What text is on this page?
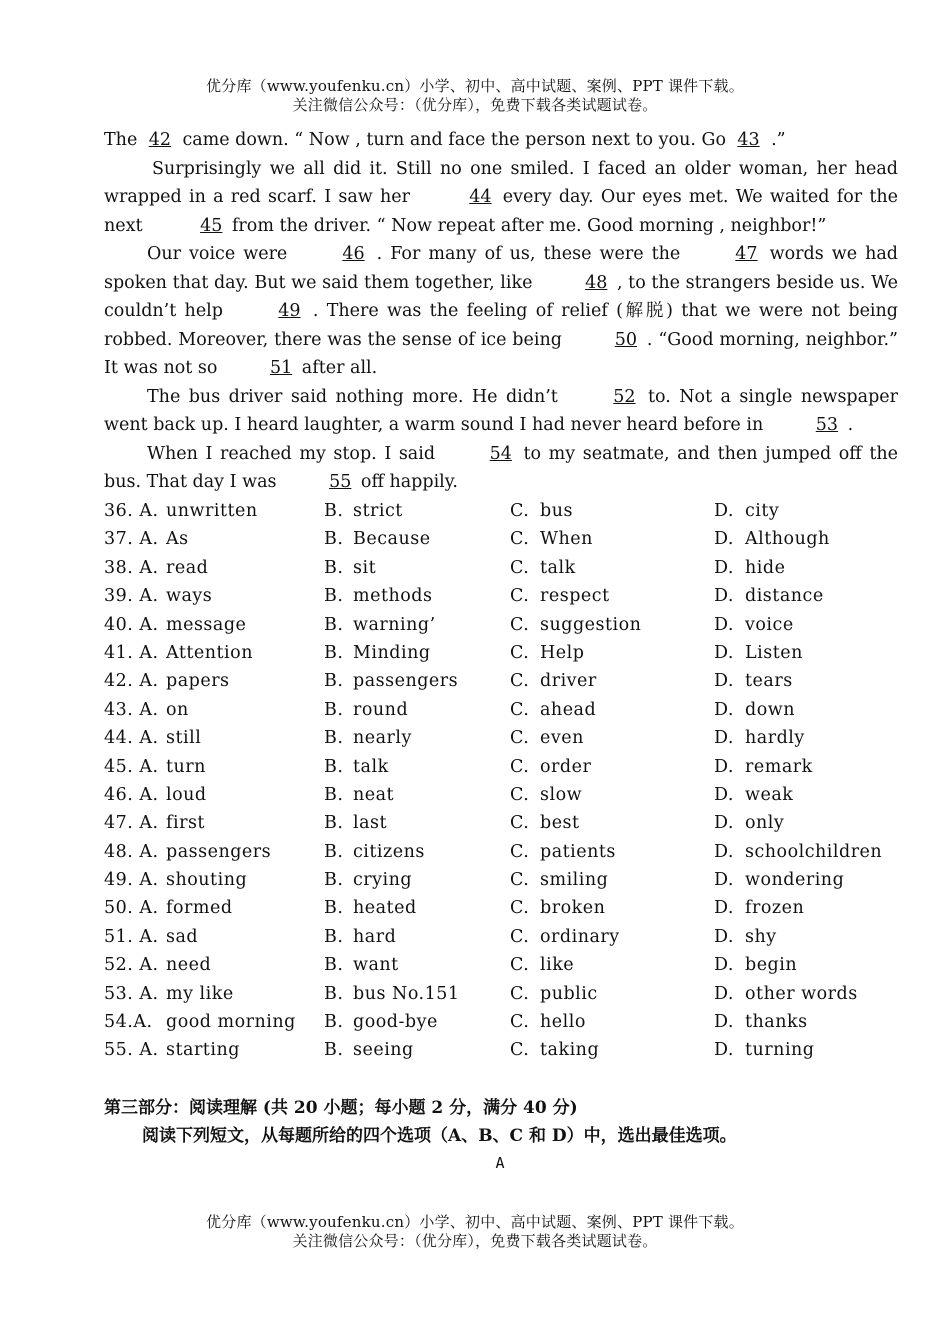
优分库（www.youfenku.cn）小学、初中、高中试题、案例、PPT 课件下载。
关注微信公众号：（优分库），免费下载各类试题试卷。

The 42 came down. “ Now , turn and face the person next to you. Go 43 .”

Surprisingly we all did it. Still no one smiled. I faced an older woman, her head wrapped in a red scarf. I saw her	44 every day. Our eyes met. We waited for the next	45 from the driver. “ Now repeat after me. Good morning , neighbor!”

Our voice were	46 . For many of us, these were the	47 words we had spoken that day. But we said them together, like	48 , to the strangers beside us. We couldn’t help	49 . There was the feeling of relief (解脱) that we were not being robbed. Moreover, there was the sense of ice being	50 . “Good morning, neighbor.” It was not so	51 after all.

The bus driver said nothing more. He didn’t	52 to. Not a single newspaper went back up. I heard laughter, a warm sound I had never heard before in	53 .

When I reached my stop. I said	54 to my seatmate, and then jumped off the bus. That day I was	55 off happily.

36. A. unwritten	B. strict	C. bus	D. city
37. A. As	B. Because	C. When	D. Although
38. A. read	B. sit	C. talk	D. hide
39. A. ways	B. methods	C. respect	D. distance
40. A. message	B. warning’	C. suggestion	D. voice
41. A. Attention	B. Minding	C. Help	D. Listen
42. A. papers	B. passengers	C. driver	D. tears
43. A. on	B. round	C. ahead	D. down
44. A. still	B. nearly	C. even	D. hardly
45. A. turn	B. talk	C. order	D. remark
46. A. loud	B. neat	C. slow	D. weak
47. A. first	B. last	C. best	D. only
48. A. passengers	B. citizens	C. patients	D. schoolchildren
49. A. shouting	B. crying	C. smiling	D. wondering
50. A. formed	B. heated	C. broken	D. frozen
51. A. sad	B. hard	C. ordinary	D. shy
52. A. need	B. want	C. like	D. begin
53. A. my like	B. bus No.151	C. public	D. other words
54.A. good morning B. good-bye	C. hello	D. thanks
55. A. starting	B. seeing	C. taking	D. turning
第三部分：阅读理解 (共 20 小题；每小题 2 分，满分 40 分)
阅读下列短文，从每题所给的四个选项（A、B、C 和 D）中，选出最佳选项。
A
优分库（www.youfenku.cn）小学、初中、高中试题、案例、PPT 课件下载。
关注微信公众号：（优分库），免费下载各类试题试卷。
